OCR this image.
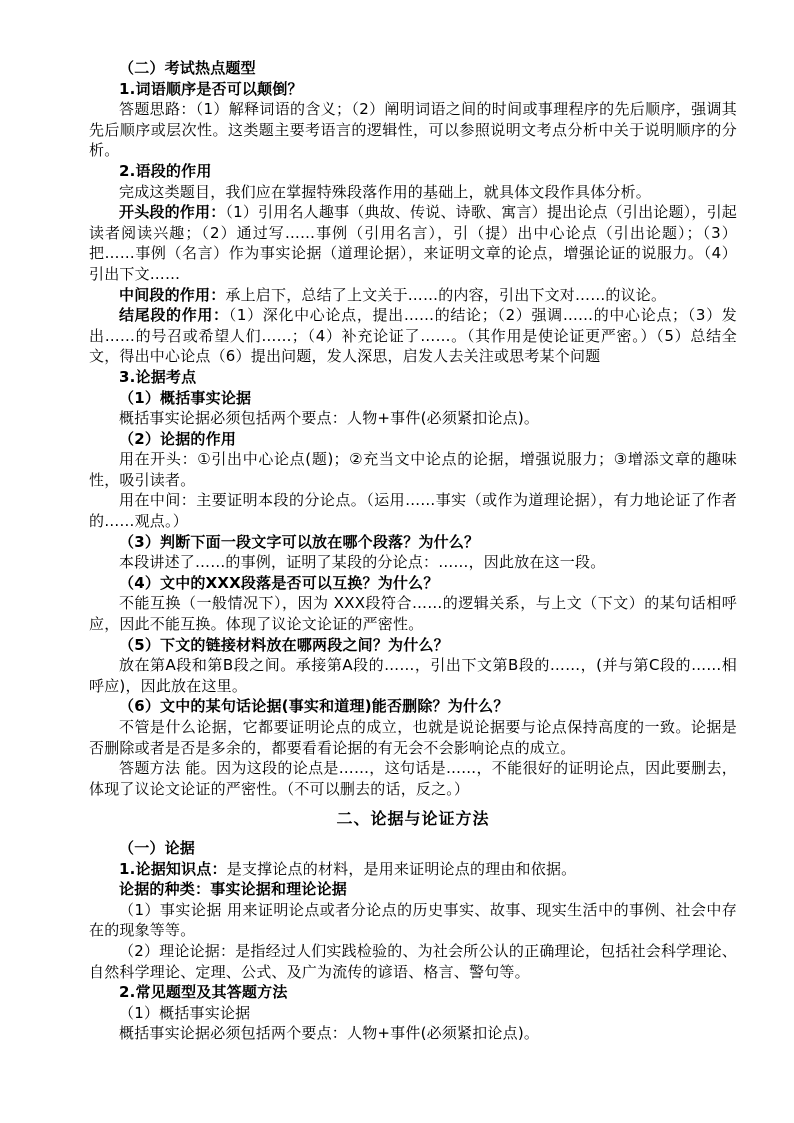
（二）考试热点题型

1.词语顺序是否可以颠倒？

答题思路：（1）解释词语的含义；（2）阐明词语之间的时间或事理程序的先后顺序，强调其先后顺序或层次性。这类题主要考语言的逻辑性，可以参照说明文考点分析中关于说明顺序的分析。

2.语段的作用

完成这类题目，我们应在掌握特殊段落作用的基础上，就具体文段作具体分析。

开头段的作用：（1）引用名人趣事（典故、传说、诗歌、寓言）提出论点（引出论题），引起读者阅读兴趣；（2）通过写……事例（引用名言），引（提）出中心论点（引出论题）；（3）把……事例（名言）作为事实论据（道理论据），来证明文章的论点，增强论证的说服力。（4）引出下文……

中间段的作用：承上启下，总结了上文关于……的内容，引出下文对……的议论。

结尾段的作用：（1）深化中心论点，提出……的结论；（2）强调……的中心论点；（3）发出……的号召或希望人们……；（4）补充论证了……。（其作用是使论证更严密。）（5）总结全文，得出中心论点（6）提出问题，发人深思，启发人去关注或思考某个问题

3.论据考点

（1）概括事实论据

概括事实论据必须包括两个要点：人物+事件(必须紧扣论点)。

（2）论据的作用

用在开头：①引出中心论点(题)；②充当文中论点的论据，增强说服力；③增添文章的趣味性，吸引读者。

用在中间：主要证明本段的分论点。（运用……事实（或作为道理论据），有力地论证了作者的……观点。）

（3）判断下面一段文字可以放在哪个段落？为什么？

本段讲述了……的事例，证明了某段的分论点：……，因此放在这一段。

（4）文中的XXX段落是否可以互换？为什么？

不能互换（一般情况下），因为 XXX段符合……的逻辑关系，与上文（下文）的某句话相呼应，因此不能互换。体现了议论文论证的严密性。

（5）下文的链接材料放在哪两段之间？为什么？

放在第A段和第B段之间。承接第A段的……，引出下文第B段的……，(并与第C段的……相呼应)，因此放在这里。

（6）文中的某句话论据(事实和道理)能否删除？为什么？

不管是什么论据，它都要证明论点的成立，也就是说论据要与论点保持高度的一致。论据是否删除或者是否是多余的，都要看看论据的有无会不会影响论点的成立。

答题方法 能。因为这段的论点是……，这句话是……，不能很好的证明论点，因此要删去，体现了议论文论证的严密性。（不可以删去的话，反之。）

二、论据与论证方法

（一）论据

1.论据知识点：是支撑论点的材料，是用来证明论点的理由和依据。

论据的种类：事实论据和理论论据

（1）事实论据 用来证明论点或者分论点的历史事实、故事、现实生活中的事例、社会中存在的现象等等。

（2）理论论据：是指经过人们实践检验的、为社会所公认的正确理论，包括社会科学理论、自然科学理论、定理、公式、及广为流传的谚语、格言、警句等。

2.常见题型及其答题方法

（1）概括事实论据

概括事实论据必须包括两个要点：人物+事件(必须紧扣论点)。
